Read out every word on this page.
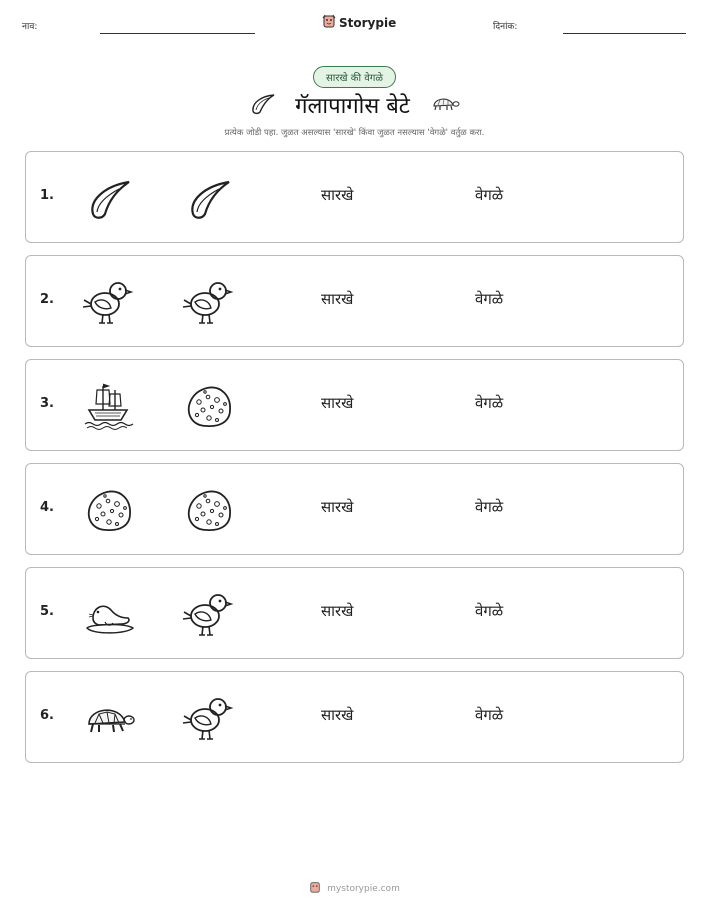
नाव:	Storypie	दिनांक:
सारखे की वेगळे
गॅलापागोस बेटे
प्रत्येक जोडी पहा. जुळत असल्यास 'सारखे' किंवा जुळत नसल्यास 'वेगळे' वर्तुळ करा.
1.	सारखे	वेगळे
2.	सारखे	वेगळे
3.	सारखे	वेगळे
4.	सारखे	वेगळे
5.	सारखे	वेगळे
6.	सारखे	वेगळे
mystorypie.com
